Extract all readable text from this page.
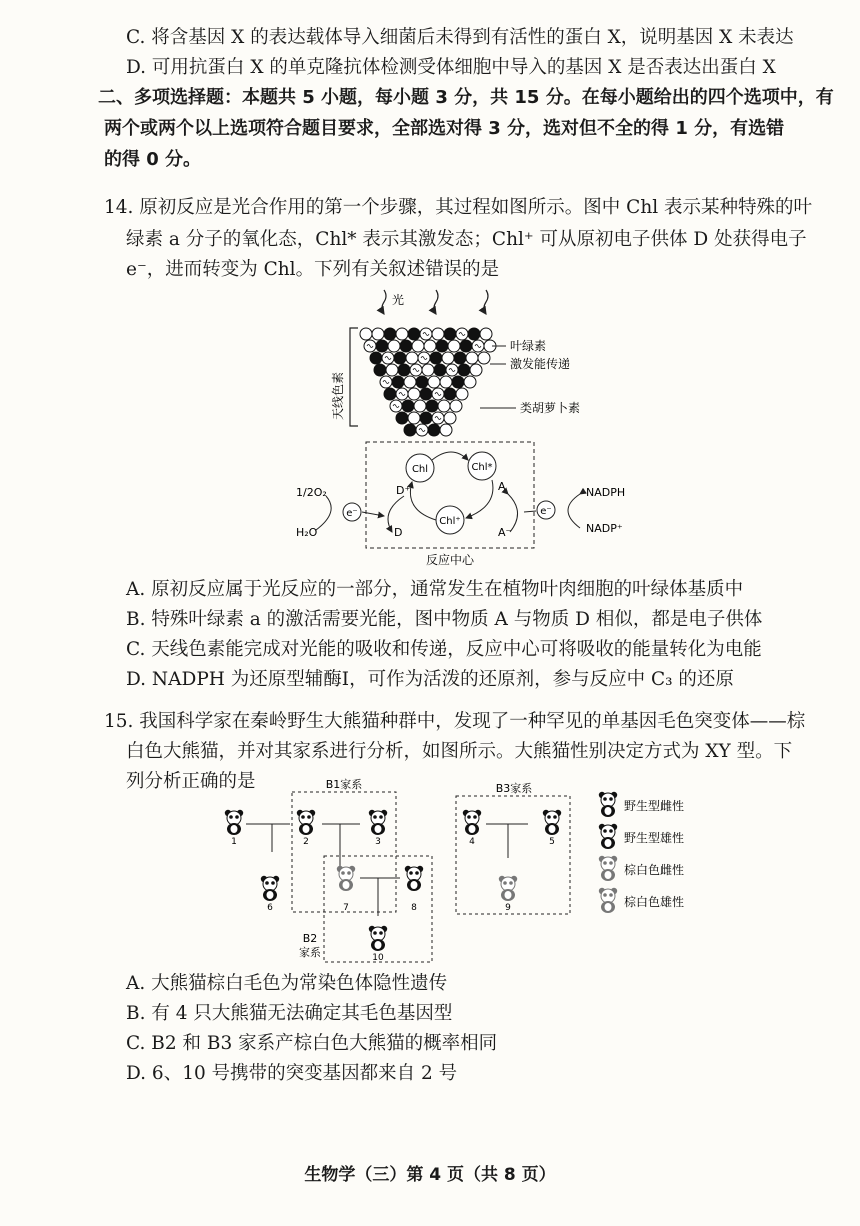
C. 将含基因 X 的表达载体导入细菌后未得到有活性的蛋白 X，说明基因 X 未表达
D. 可用抗蛋白 X 的单克隆抗体检测受体细胞中导入的基因 X 是否表达出蛋白 X
二、多项选择题：本题共 5 小题，每小题 3 分，共 15 分。在每小题给出的四个选项中，有
两个或两个以上选项符合题目要求，全部选对得 3 分，选对但不全的得 1 分，有选错
的得 0 分。
14. 原初反应是光合作用的第一个步骤，其过程如图所示。图中 Chl 表示某种特殊的叶
绿素 a 分子的氧化态，Chl* 表示其激发态；Chl⁺ 可从原初电子供体 D 处获得电子
e⁻，进而转变为 Chl。下列有关叙述错误的是
光
天线色素
叶绿素
激发能传递
类胡萝卜素
反应中心
Chl	Chl*
Chl⁺
D⁺
D
A
A⁻
e⁻
1/2O₂
H₂O
e⁻
NADPH
NADP⁺
A. 原初反应属于光反应的一部分，通常发生在植物叶肉细胞的叶绿体基质中
B. 特殊叶绿素 a 的激活需要光能，图中物质 A 与物质 D 相似，都是电子供体
C. 天线色素能完成对光能的吸收和传递，反应中心可将吸收的能量转化为电能
D. NADPH 为还原型辅酶Ⅰ，可作为活泼的还原剂，参与反应中 C₃ 的还原
15. 我国科学家在秦岭野生大熊猫种群中，发现了一种罕见的单基因毛色突变体——棕
白色大熊猫，并对其家系进行分析，如图所示。大熊猫性别决定方式为 XY 型。下
列分析正确的是	B1家系	B3家系
B2
家系
1	2	3	4	5
6	7	8	9
10
野生型雌性
野生型雄性
棕白色雌性
棕白色雄性
A. 大熊猫棕白毛色为常染色体隐性遗传
B. 有 4 只大熊猫无法确定其毛色基因型
C. B2 和 B3 家系产棕白色大熊猫的概率相同
D. 6、10 号携带的突变基因都来自 2 号
生物学（三）第 4 页（共 8 页）
